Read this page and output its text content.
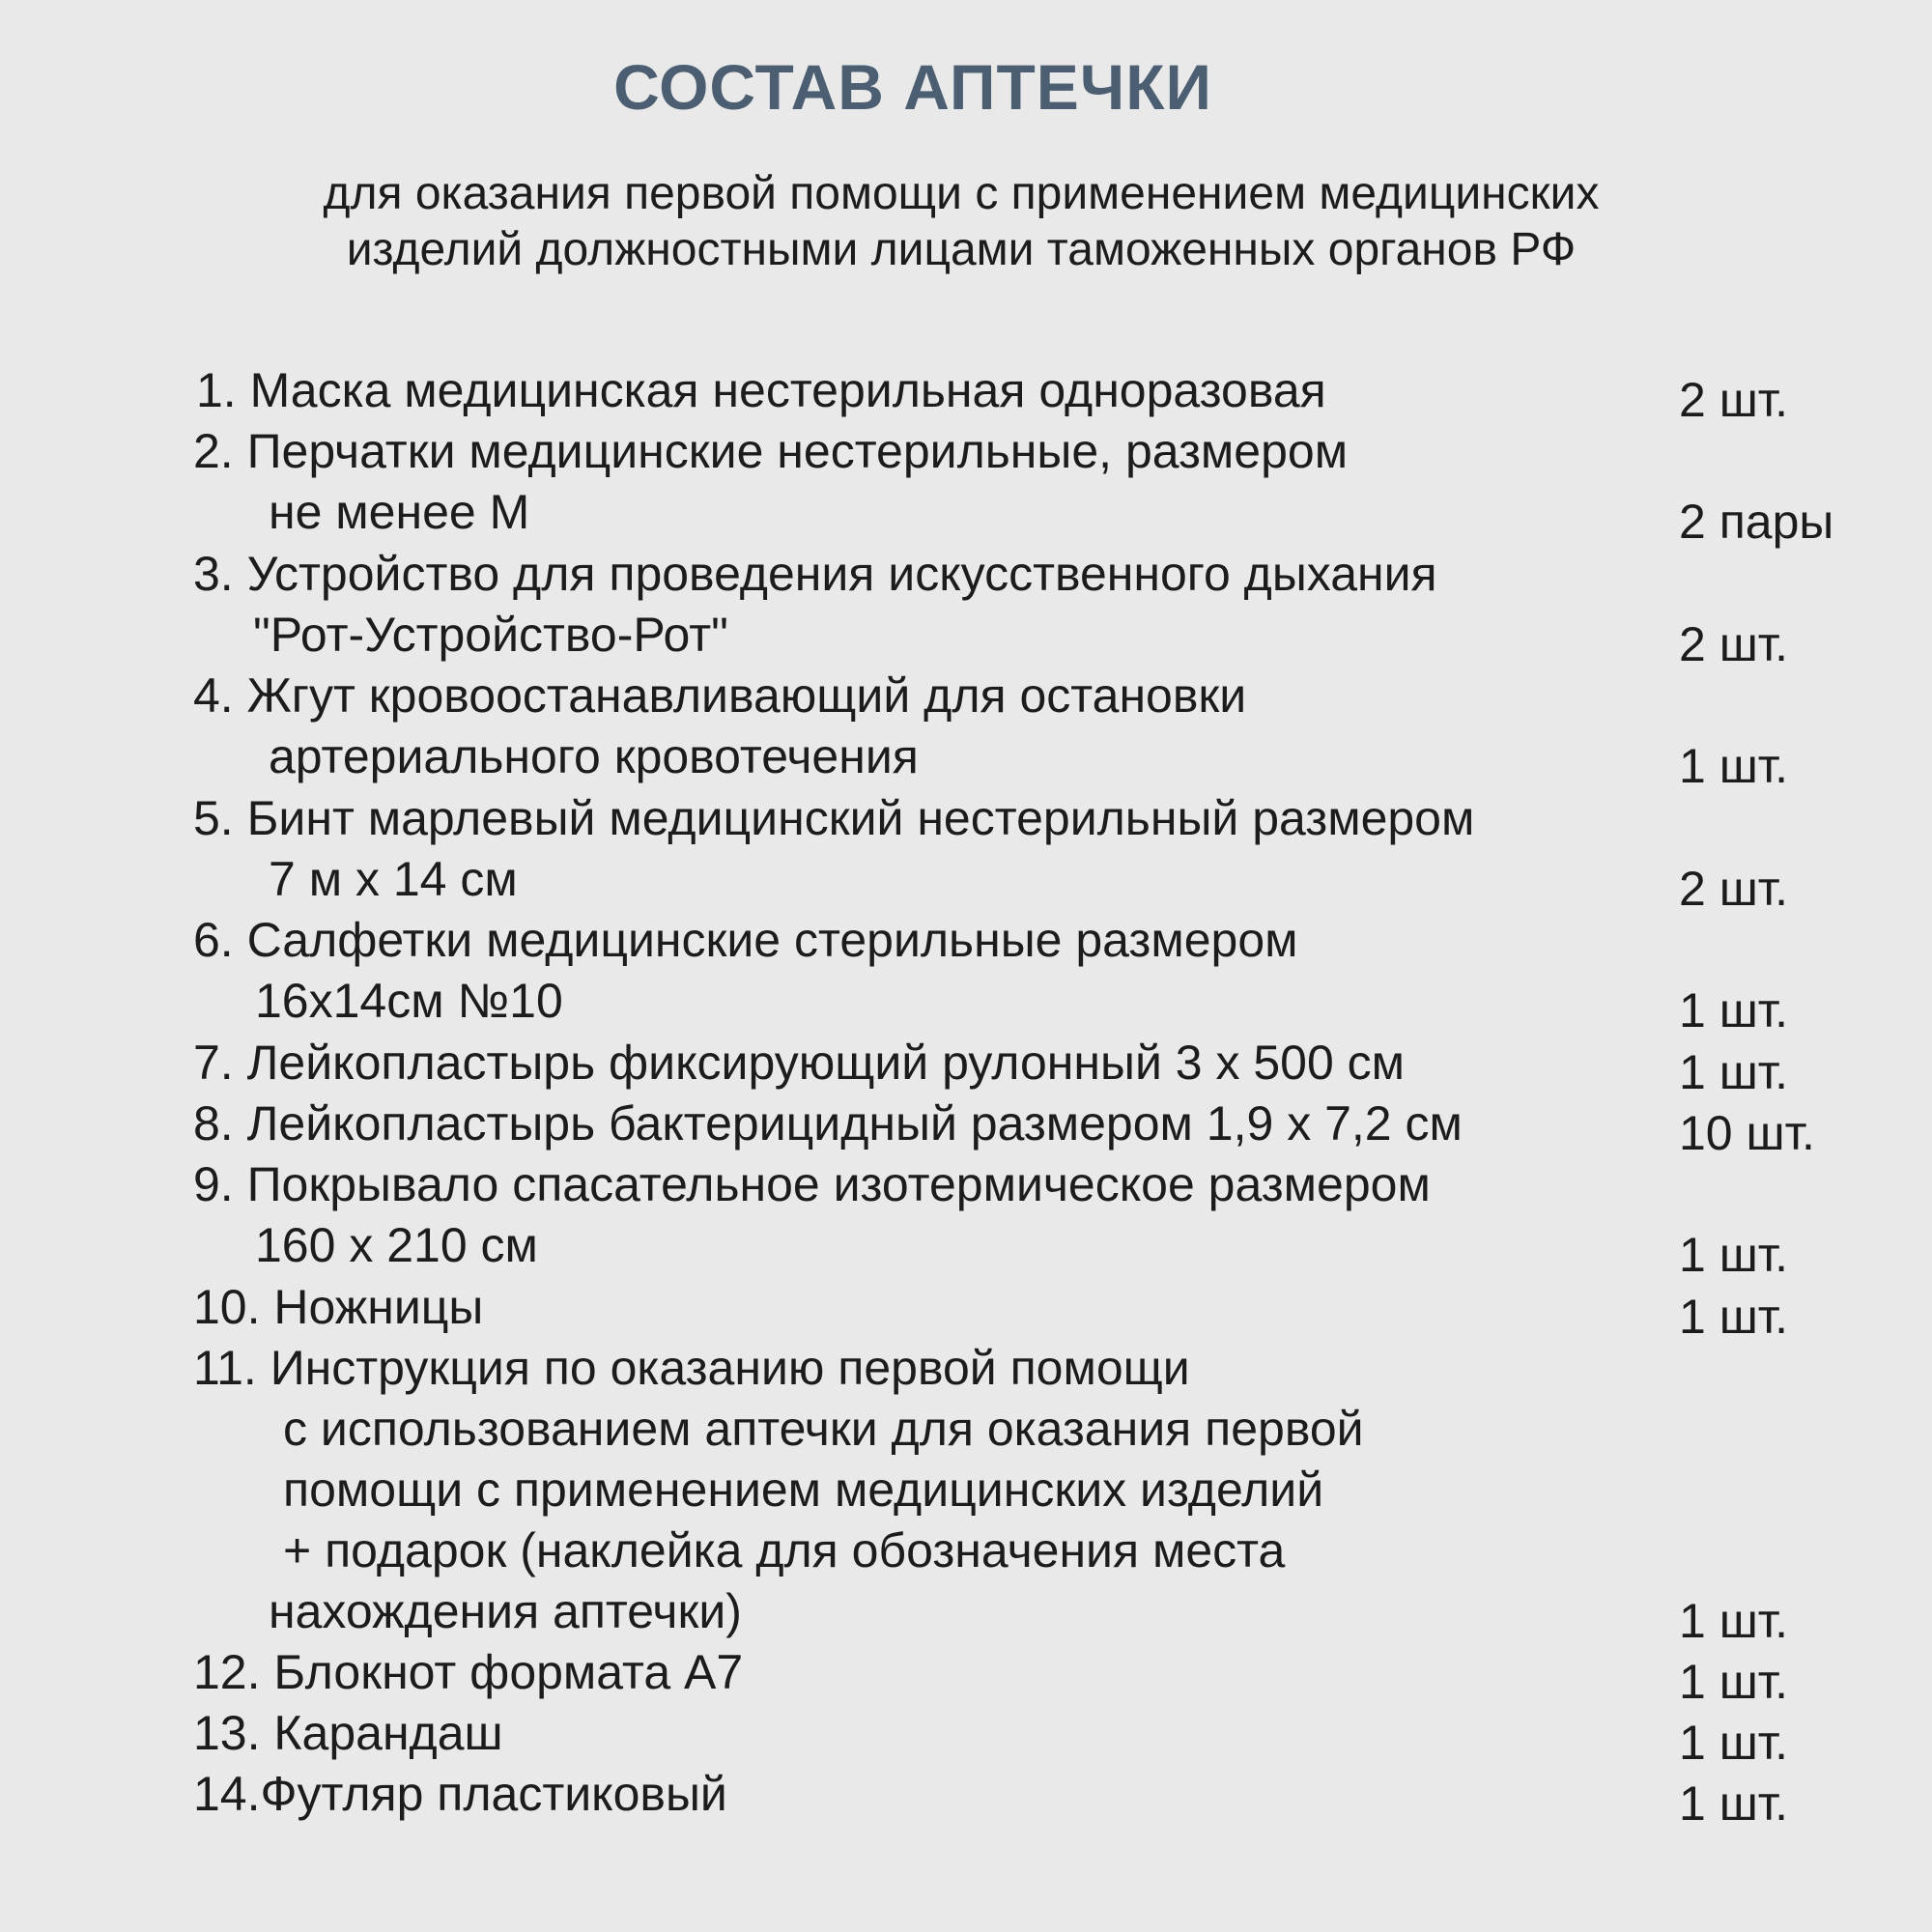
СОСТАВ АПТЕЧКИ
для оказания первой помощи с применением медицинских
изделий должностными лицами таможенных органов РФ
1. Маска медицинская нестерильная одноразовая	2 шт.
2. Перчатки медицинские нестерильные, размером
не менее М	2 пары
3. Устройство для проведения искусственного дыхания
"Рот-Устройство-Рот"	2 шт.
4. Жгут кровоостанавливающий для остановки
артериального кровотечения	1 шт.
5. Бинт марлевый медицинский нестерильный размером
7 м х 14 см	2 шт.
6. Салфетки медицинские стерильные размером
16х14см №10	1 шт.
7. Лейкопластырь фиксирующий рулонный 3 х 500 см	1 шт.
8. Лейкопластырь бактерицидный размером 1,9 х 7,2 см	10 шт.
9. Покрывало спасательное изотермическое размером
160 х 210 см	1 шт.
10. Ножницы	1 шт.
11. Инструкция по оказанию первой помощи
с использованием аптечки для оказания первой
помощи с применением медицинских изделий
+ подарок (наклейка для обозначения места
нахождения аптечки)	1 шт.
12. Блокнот формата А7	1 шт.
13. Карандаш	1 шт.
14.Футляр пластиковый	1 шт.
